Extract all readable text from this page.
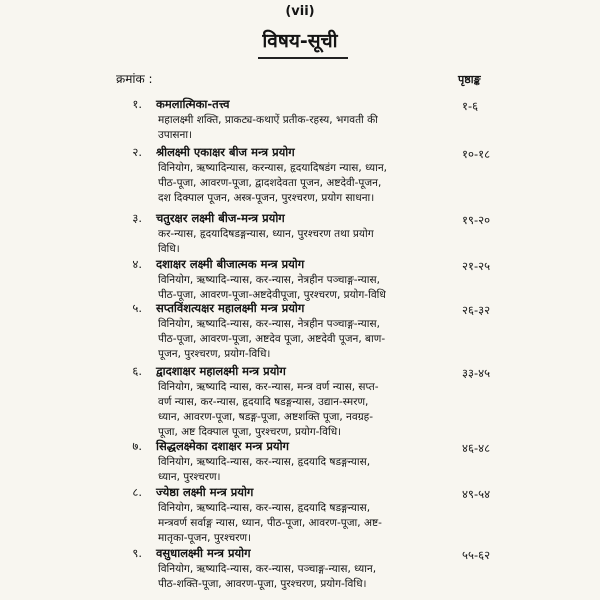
(vii)
विषय-सूची
क्रमांक :	पृष्ठाङ्क
१. कमलात्मिका-तत्त्व	१-६
महालक्ष्मी शक्ति, प्राकट्य-कथाऐं प्रतीक-रहस्य, भगवती की
उपासना।
२. श्रीलक्ष्मी एकाक्षर बीज मन्त्र प्रयोग	१०-१८
विनियोग, ऋष्यादिन्यास, करन्यास, हृदयादिषडंग न्यास, ध्यान,
पीठ-पूजा, आवरण-पूजा, द्वादशदेवता पूजन, अष्टदेवी-पूजन,
दश दिक्पाल पूजन, अस्त्र-पूजन, पुरश्चरण, प्रयोग साधना।
३. चतुरक्षर लक्ष्मी बीज-मन्त्र प्रयोग	१९-२०
कर-न्यास, हृदयादिषडङ्गन्यास, ध्यान, पुरश्चरण तथा प्रयोग
विधि।
४. दशाक्षर लक्ष्मी बीजात्मक मन्त्र प्रयोग	२१-२५
विनियोग, ऋष्यादि-न्यास, कर-न्यास, नेत्रहीन पञ्चाङ्ग-न्यास,
पीठ-पूजा, आवरण-पूजा-अष्टदेवीपूजा, पुरश्चरण, प्रयोग-विधि
५. सप्तविंशत्यक्षर महालक्ष्मी मन्त्र प्रयोग	२६-३२
विनियोग, ऋष्यादि-न्यास, कर-न्यास, नेत्रहीन पञ्चाङ्ग-न्यास,
पीठ-पूजा, आवरण-पूजा, अष्टदेव पूजा, अष्टदेवी पूजन, बाण-
पूजन, पुरश्चरण, प्रयोग-विधि।
६. द्वादशाक्षर महालक्ष्मी मन्त्र प्रयोग	३३-४५
विनियोग, ऋष्यादि न्यास, कर-न्यास, मन्त्र वर्ण न्यास, सप्त-
वर्ण न्यास, कर-न्यास, हृदयादि षडङ्गन्यास, उद्यान-स्मरण,
ध्यान, आवरण-पूजा, षडङ्ग-पूजा, अष्टशक्ति पूजा, नवग्रह-
पूजा, अष्ट दिक्पाल पूजा, पुरश्चरण, प्रयोग-विधि।
७. सिद्धलक्ष्मेका दशाक्षर मन्त्र प्रयोग	४६-४८
विनियोग, ऋष्यादि-न्यास, कर-न्यास, हृदयादि षडङ्गन्यास,
ध्यान, पुरश्चरण।
८. ज्येष्ठा लक्ष्मी मन्त्र प्रयोग	४९-५४
विनियोग, ऋष्यादि-न्यास, कर-न्यास, हृदयादि षडङ्गन्यास,
मन्त्रवर्ण सर्वाङ्ग न्यास, ध्यान, पीठ-पूजा, आवरण-पूजा, अष्ट-
मातृका-पूजन, पुरश्चरण।
९. वसुधालक्ष्मी मन्त्र प्रयोग	५५-६२
विनियोग, ऋष्यादि-न्यास, कर-न्यास, पञ्चाङ्ग-न्यास, ध्यान,
पीठ-शक्ति-पूजा, आवरण-पूजा, पुरश्चरण, प्रयोग-विधि।
